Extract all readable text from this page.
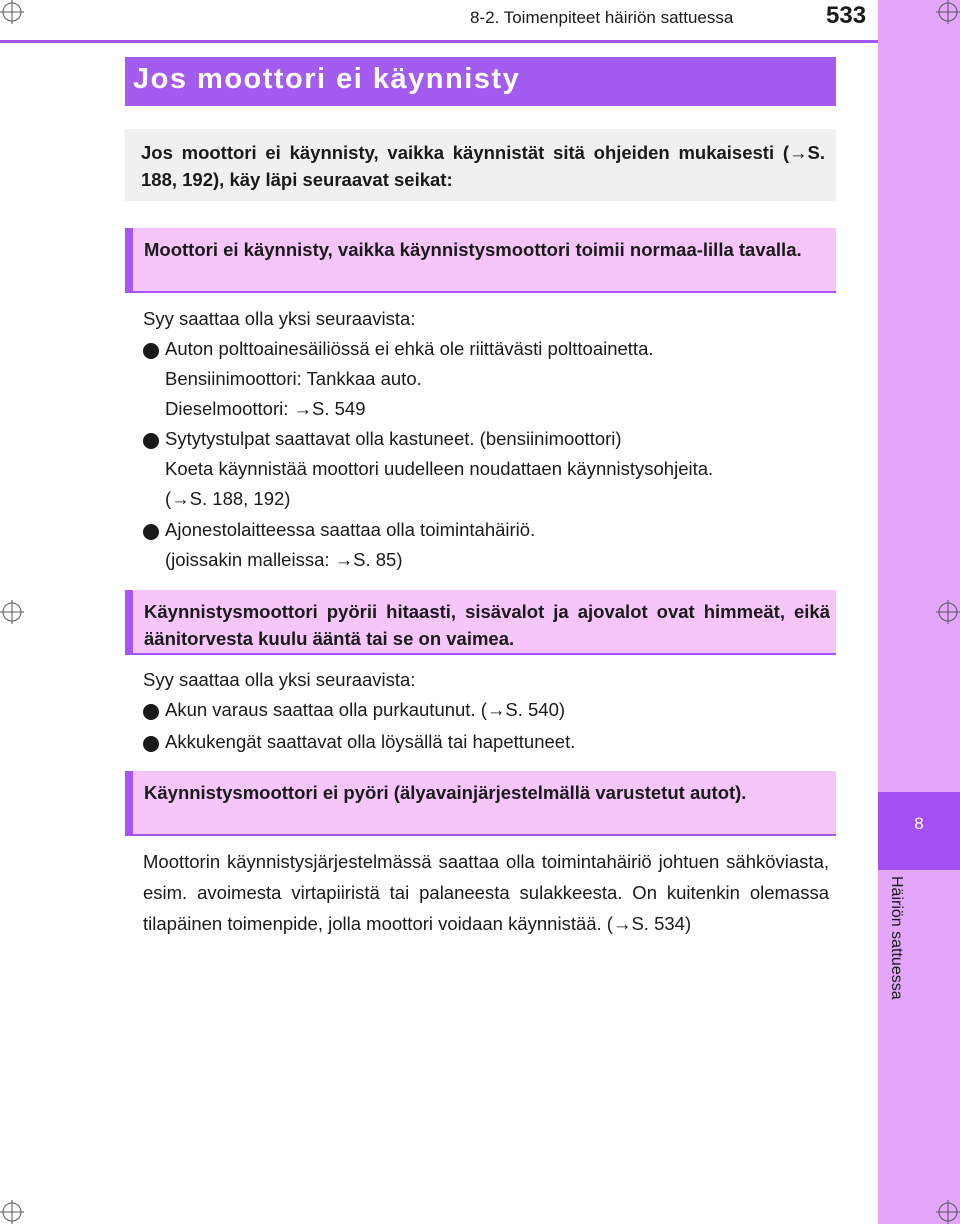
8-2. Toimenpiteet häiriön sattuessa	533
8
Häiriön sattuessa
Jos moottori ei käynnisty

Jos moottori ei käynnisty, vaikka käynnistät sitä ohjeiden mukaisesti (→S. 188, 192), käy läpi seuraavat seikat:

Moottori ei käynnisty, vaikka käynnistysmoottori toimii normaa-lilla tavalla.

Syy saattaa olla yksi seuraavista:
Auton polttoainesäiliössä ei ehkä ole riittävästi polttoainetta.
Bensiinimoottori: Tankkaa auto.
Dieselmoottori: →S. 549
Sytytystulpat saattavat olla kastuneet. (bensiinimoottori)
Koeta käynnistää moottori uudelleen noudattaen käynnistysohjeita.
(→S. 188, 192)
Ajonestolaitteessa saattaa olla toimintahäiriö.
(joissakin malleissa: →S. 85)

Käynnistysmoottori pyörii hitaasti, sisävalot ja ajovalot ovat himmeät, eikä äänitorvesta kuulu ääntä tai se on vaimea.

Syy saattaa olla yksi seuraavista:
Akun varaus saattaa olla purkautunut. (→S. 540)
Akkukengät saattavat olla löysällä tai hapettuneet.

Käynnistysmoottori ei pyöri (älyavainjärjestelmällä varustetut autot).

Moottorin käynnistysjärjestelmässä saattaa olla toimintahäiriö johtuen sähköviasta, esim. avoimesta virtapiiristä tai palaneesta sulakkeesta. On kuitenkin olemassa tilapäinen toimenpide, jolla moottori voidaan käynnistää. (→S. 534)
